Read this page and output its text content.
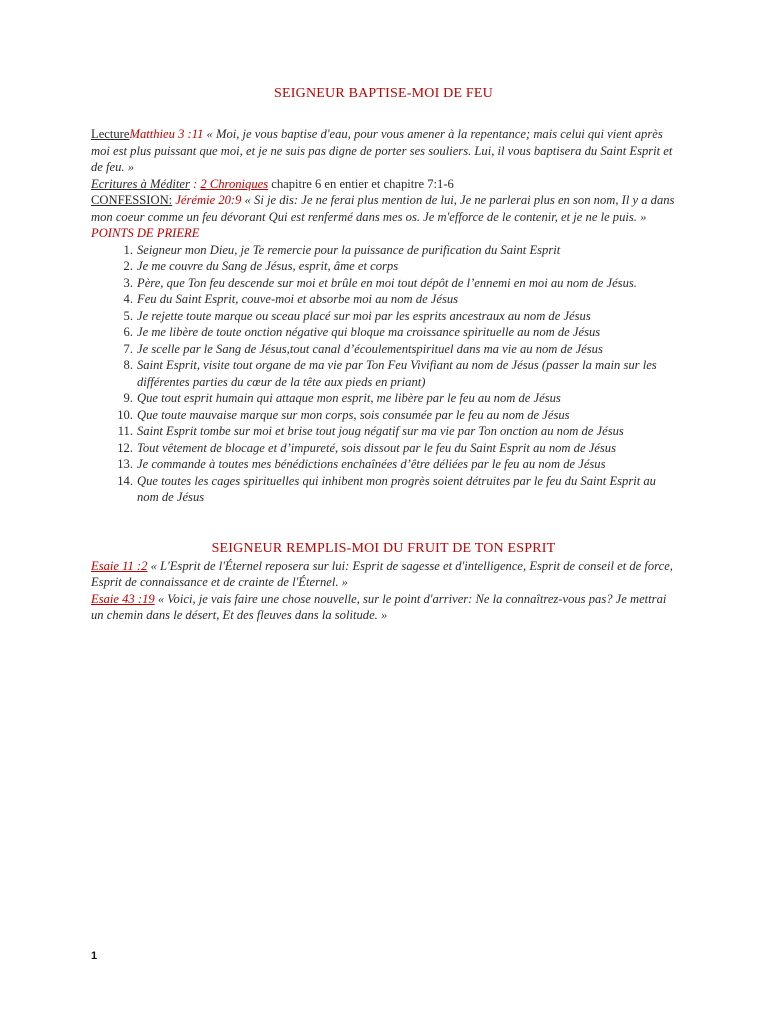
SEIGNEUR BAPTISE-MOI DE FEU

LectureMatthieu 3 :11 « Moi, je vous baptise d'eau, pour vous amener à la repentance; mais celui qui vient après moi est plus puissant que moi, et je ne suis pas digne de porter ses souliers. Lui, il vous baptisera du Saint Esprit et de feu. »

Ecritures à Méditer : 2 Chroniques chapitre 6 en entier et chapitre 7:1-6

CONFESSION: Jérémie 20:9 « Si je dis: Je ne ferai plus mention de lui, Je ne parlerai plus en son nom, Il y a dans mon coeur comme un feu dévorant Qui est renfermé dans mes os. Je m'efforce de le contenir, et je ne le puis. »

POINTS DE PRIERE

1. Seigneur mon Dieu, je Te remercie pour la puissance de purification du Saint Esprit
2. Je me couvre du Sang de Jésus, esprit, âme et corps
3. Père, que Ton feu descende sur moi et brûle en moi tout dépôt de l’ennemi en moi au nom de Jésus.
4. Feu du Saint Esprit, couve-moi et absorbe moi au nom de Jésus
5. Je rejette toute marque ou sceau placé sur moi par les esprits ancestraux au nom de Jésus
6. Je me libère de toute onction négative qui bloque ma croissance spirituelle au nom de Jésus
7. Je scelle par le Sang de Jésus,tout canal d’écoulementspirituel dans ma vie au nom de Jésus
8. Saint Esprit, visite tout organe de ma vie par Ton Feu Vivifiant au nom de Jésus (passer la main sur les différentes parties du cœur de la tête aux pieds en priant)
9. Que tout esprit humain qui attaque mon esprit, me libère par le feu au nom de Jésus
10. Que toute mauvaise marque sur mon corps, sois consumée par le feu au nom de Jésus
11. Saint Esprit tombe sur moi et brise tout joug négatif sur ma vie par Ton onction au nom de Jésus
12. Tout vêtement de blocage et d’impureté, sois dissout par le feu du Saint Esprit au nom de Jésus
13. Je commande à toutes mes bénédictions enchaînées d’être déliées par le feu au nom de Jésus
14. Que toutes les cages spirituelles qui inhibent mon progrès soient détruites par le feu du Saint Esprit au nom de Jésus
SEIGNEUR REMPLIS-MOI DU FRUIT DE TON ESPRIT

Esaie 11 :2 « L'Esprit de l'Éternel reposera sur lui: Esprit de sagesse et d'intelligence, Esprit de conseil et de force, Esprit de connaissance et de crainte de l'Éternel. »

Esaie 43 :19 « Voici, je vais faire une chose nouvelle, sur le point d'arriver: Ne la connaîtrez-vous pas? Je mettrai un chemin dans le désert, Et des fleuves dans la solitude. »

1
